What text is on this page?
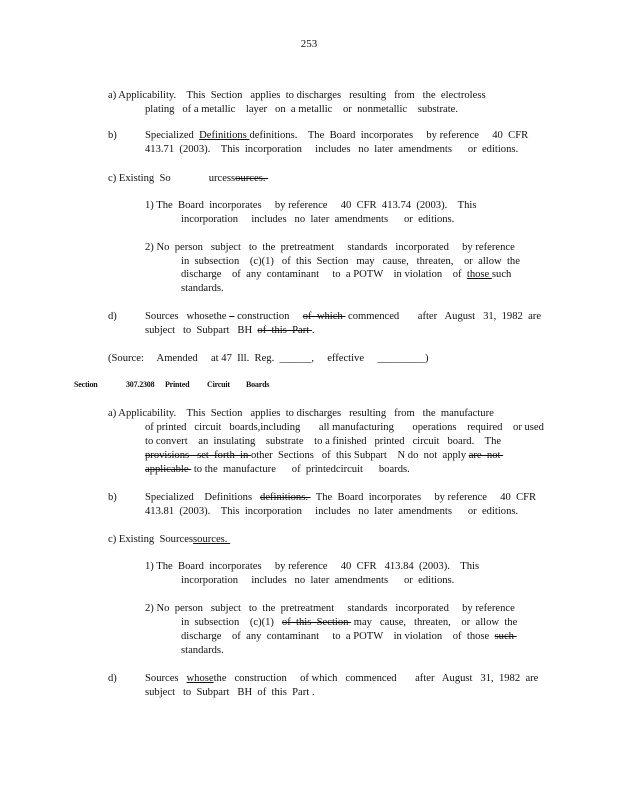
253
a) Applicability.    This  Section   applies  to discharges   resulting   from   the  electroless
plating   of a metallic    layer   on  a metallic    or  nonmetallic    substrate.
b)	Specialized  Definitions definitions.    The  Board  incorporates     by reference     40  CFR
413.71  (2003).    This  incorporation     includes   no  later  amendments      or  editions.
c) Existing  So	urcessources.
1) The  Board  incorporates     by reference     40  CFR  413.74  (2003).    This
incorporation     includes   no  later  amendments      or  editions.
2) No  person   subject   to  the  pretreatment     standards   incorporated     by reference
in  subsection    (c)(1)   of  this  Section   may   cause,   threaten,    or  allow  the
discharge    of  any  contaminant     to  a POTW    in violation    of  those such
standards.
d)	Sources   whosethe    construction     of  which  commenced       after   August   31,  1982  are
subject   to  Subpart   BH  of  this  Part .
(Source:     Amended     at 47  Ill.  Reg.  ______,     effective     _________)
Section	307.2308 Printed Circuit Boards
a) Applicability.    This  Section   applies  to discharges   resulting   from   the  manufacture
of printed   circuit   boards,including       all manufacturing       operations    required    or used
to convert    an  insulating    substrate    to a finished   printed   circuit   board.    The
provisions   set  forth  in other  Sections   of  this Subpart    N do  not  apply are  not
applicable  to the  manufacture      of  printedcircuit      boards.
b)	Specialized    Definitions   definitions.   The  Board  incorporates     by reference     40  CFR
413.81  (2003).    This  incorporation     includes   no  later  amendments      or  editions.
c) Existing  Sourcessources.
1) The  Board  incorporates     by reference     40  CFR   413.84  (2003).    This
incorporation     includes   no  later  amendments      or  editions.
2) No  person   subject   to  the  pretreatment     standards   incorporated     by reference
in  subsection    (c)(1)   of  this  Section  may   cause,   threaten,    or  allow  the
discharge    of  any  contaminant     to  a POTW    in violation    of  those  such
standards.
d)	Sources   whosethe   construction     of which   commenced       after   August   31,  1982  are
subject   to  Subpart   BH  of  this  Part .
